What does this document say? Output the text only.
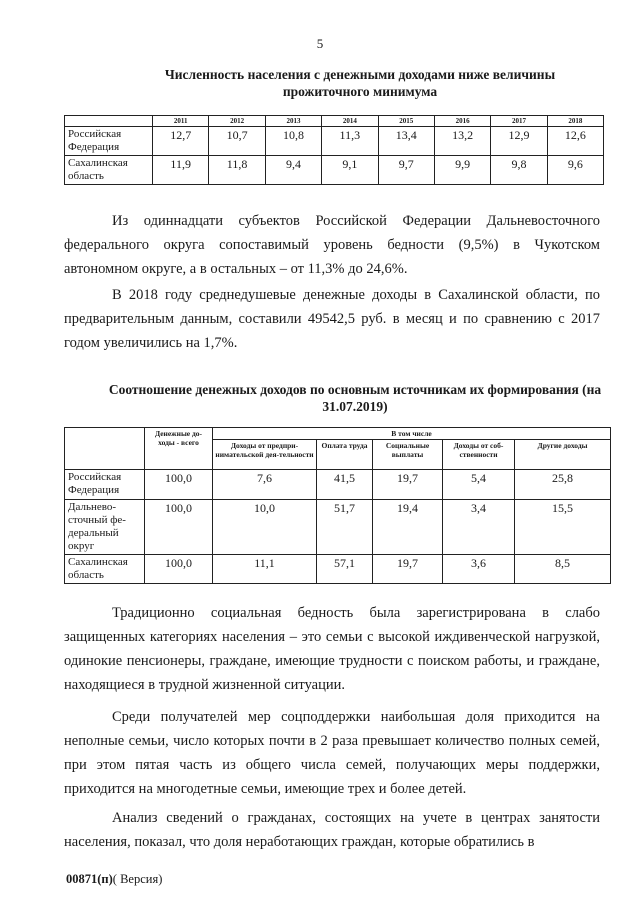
5
Численность населения с денежными доходами ниже величины прожиточного минимума
	2011	2012	2013	2014	2015	2016	2017	2018
Российская Федерация	12,7	10,7	10,8	11,3	13,4	13,2	12,9	12,6
Сахалинская область	11,9	11,8	9,4	9,1	9,7	9,9	9,8	9,6

Из одиннадцати субъектов Российской Федерации Дальневосточного федерального округа сопоставимый уровень бедности (9,5%) в Чукотском автономном округе, а в остальных – от 11,3% до 24,6%.

В 2018 году среднедушевые денежные доходы в Сахалинской области, по предварительным данным, составили 49542,5 руб. в месяц и по сравнению с 2017 годом увеличились на 1,7%.

Соотношение денежных доходов по основным источникам их формирования (на 31.07.2019)
	Денежные до-ходы - всего	В том числе				
		Доходы от предпри-нимательской дея-тельности	Оплата труда	Социальные выплаты	Доходы от соб-ственности	Другие доходы
Российская Федерация	100,0	7,6	41,5	19,7	5,4	25,8
Дальнево-сточный фе-деральный округ	100,0	10,0	51,7	19,4	3,4	15,5
Сахалинская область	100,0	11,1	57,1	19,7	3,6	8,5

Традиционно социальная бедность была зарегистрирована в слабо защищенных категориях населения – это семьи с высокой иждивенческой нагрузкой, одинокие пенсионеры, граждане, имеющие трудности с поиском работы, и граждане, находящиеся в трудной жизненной ситуации.

Среди получателей мер соцподдержки наибольшая доля приходится на неполные семьи, число которых почти в 2 раза превышает количество полных семей, при этом пятая часть из общего числа семей, получающих меры поддержки, приходится на многодетные семьи, имеющие трех и более детей.

Анализ сведений о гражданах, состоящих на учете в центрах занятости населения, показал, что доля неработающих граждан, которые обратились в

00871(п)( Версия)
